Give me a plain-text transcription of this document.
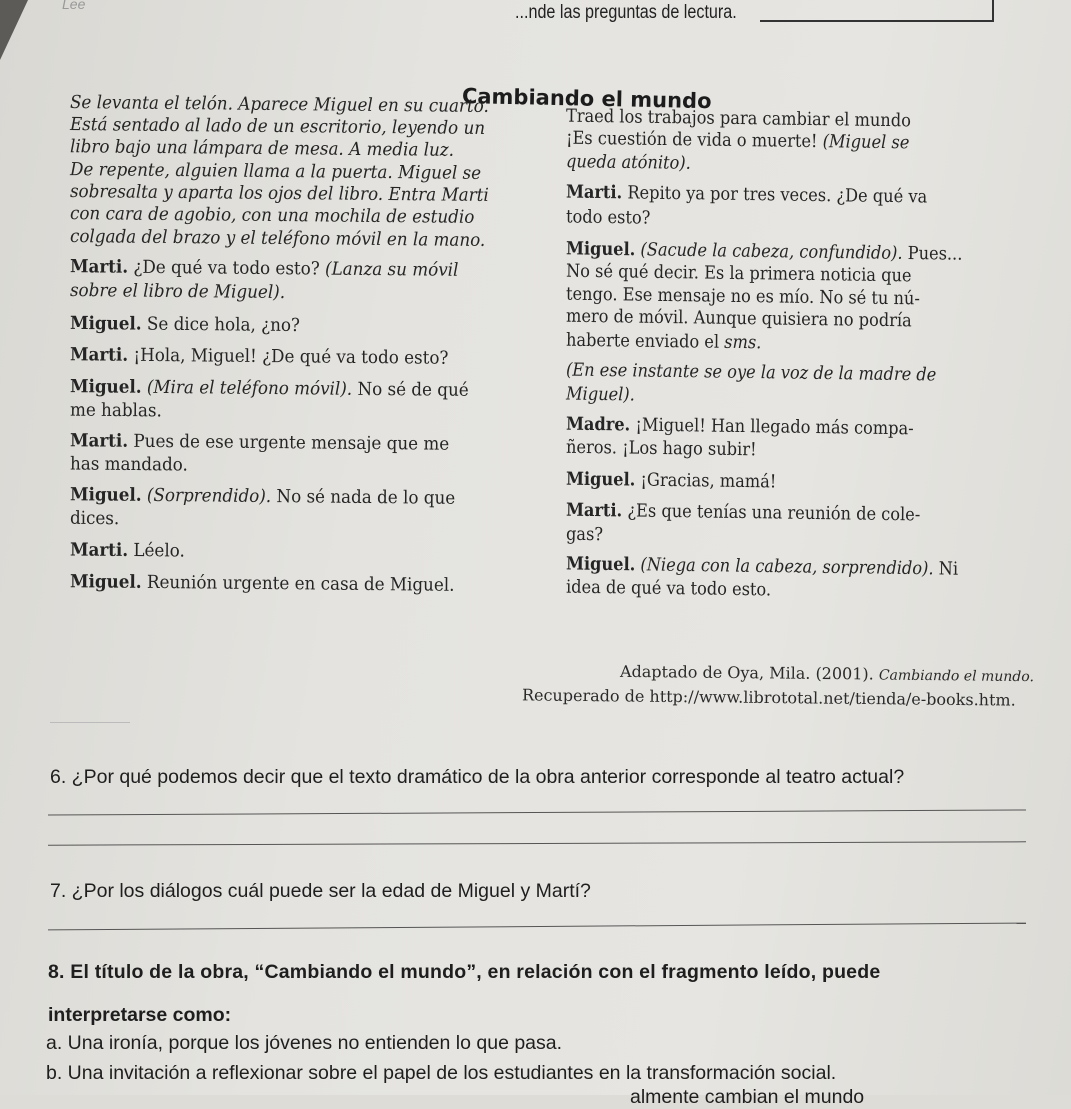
Lee	...nde las preguntas de lectura.
Cambiando el mundo
Se levanta el telón. Aparece Miguel en su cuarto.
Está sentado al lado de un escritorio, leyendo un
libro bajo una lámpara de mesa. A media luz.
De repente, alguien llama a la puerta. Miguel se
sobresalta y aparta los ojos del libro. Entra Marti
con cara de agobio, con una mochila de estudio
colgada del brazo y el teléfono móvil en la mano.
Marti. ¿De qué va todo esto? (Lanza su móvil
sobre el libro de Miguel).
Miguel. Se dice hola, ¿no?
Marti. ¡Hola, Miguel! ¿De qué va todo esto?
Miguel. (Mira el teléfono móvil). No sé de qué
me hablas.
Marti. Pues de ese urgente mensaje que me
has mandado.
Miguel. (Sorprendido). No sé nada de lo que
dices.
Marti. Léelo.
Miguel. Reunión urgente en casa de Miguel.
Traed los trabajos para cambiar el mundo
¡Es cuestión de vida o muerte! (Miguel se
queda atónito).
Marti. Repito ya por tres veces. ¿De qué va
todo esto?
Miguel. (Sacude la cabeza, confundido). Pues...
No sé qué decir. Es la primera noticia que
tengo. Ese mensaje no es mío. No sé tu nú-
mero de móvil. Aunque quisiera no podría
haberte enviado el sms.
(En ese instante se oye la voz de la madre de
Miguel).
Madre. ¡Miguel! Han llegado más compa-
ñeros. ¡Los hago subir!
Miguel. ¡Gracias, mamá!
Marti. ¿Es que tenías una reunión de cole-
gas?
Miguel. (Niega con la cabeza, sorprendido). Ni
idea de qué va todo esto.
Adaptado de Oya, Mila. (2001). Cambiando el mundo.
Recuperado de http://www.librototal.net/tienda/e-books.htm.
6. ¿Por qué podemos decir que el texto dramático de la obra anterior corresponde al teatro actual?
7. ¿Por los diálogos cuál puede ser la edad de Miguel y Martí?
8. El título de la obra, “Cambiando el mundo”, en relación con el fragmento leído, puede
interpretarse como:
a. Una ironía, porque los jóvenes no entienden lo que pasa.
b. Una invitación a reflexionar sobre el papel de los estudiantes en la transformación social.
almente cambian el mundo
